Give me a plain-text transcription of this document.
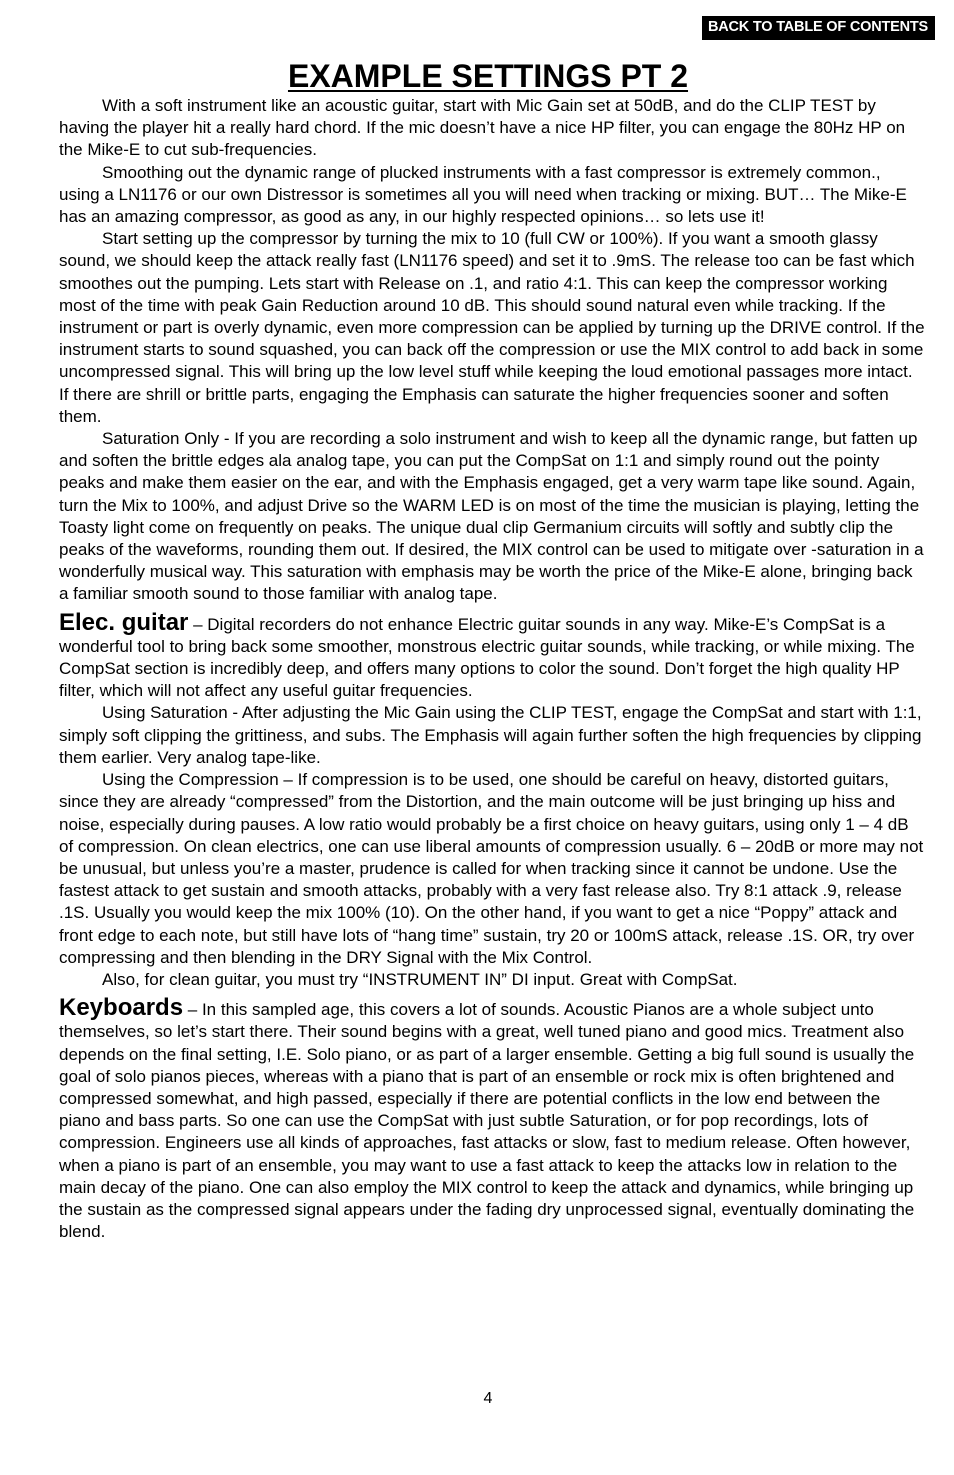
BACK TO TABLE OF CONTENTS
EXAMPLE SETTINGS PT 2

With a soft instrument like an acoustic guitar, start with Mic Gain set at 50dB, and do the CLIP TEST by having the player hit a really hard chord. If the mic doesn’t have a nice HP filter, you can engage the 80Hz HP on the Mike-E to cut sub-frequencies.

Smoothing out the dynamic range of plucked instruments with a fast compressor is extremely common., using a LN1176 or our own Distressor is sometimes all you will need when tracking or mixing. BUT… The Mike-E has an amazing compressor, as good as any, in our highly respected opinions… so lets use it!

Start setting up the compressor by turning the mix to 10 (full CW or 100%). If you want a smooth glassy sound, we should keep the attack really fast (LN1176 speed) and set it to .9mS. The release too can be fast which smoothes out the pumping. Lets start with Release on .1, and ratio 4:1. This can keep the compressor working most of the time with peak Gain Reduction around 10 dB. This should sound natural even while tracking. If the instrument or part is overly dynamic, even more compression can be applied by turning up the DRIVE control. If the instrument starts to sound squashed, you can back off the compression or use the MIX control to add back in some uncompressed signal. This will bring up the low level stuff while keeping the loud emotional passages more intact. If there are shrill or brittle parts, engaging the Emphasis can saturate the higher frequencies sooner and soften them.

Saturation Only - If you are recording a solo instrument and wish to keep all the dynamic range, but fatten up and soften the brittle edges ala analog tape, you can put the CompSat on 1:1 and simply round out the pointy peaks and make them easier on the ear, and with the Emphasis engaged, get a very warm tape like sound. Again, turn the Mix to 100%, and adjust Drive so the WARM LED is on most of the time the musician is playing, letting the Toasty light come on frequently on peaks. The unique dual clip Germanium circuits will softly and subtly clip the peaks of the waveforms, rounding them out. If desired, the MIX control can be used to mitigate over -saturation in a wonderfully musical way. This saturation with emphasis may be worth the price of the Mike-E alone, bringing back a familiar smooth sound to those familiar with analog tape.

Elec. guitar – Digital recorders do not enhance Electric guitar sounds in any way. Mike-E’s CompSat is a wonderful tool to bring back some smoother, monstrous electric guitar sounds, while tracking, or while mixing. The CompSat section is incredibly deep, and offers many options to color the sound. Don’t forget the high quality HP filter, which will not affect any useful guitar frequencies.

Using Saturation - After adjusting the Mic Gain using the CLIP TEST, engage the CompSat and start with 1:1, simply soft clipping the grittiness, and subs. The Emphasis will again further soften the high frequencies by clipping them earlier. Very analog tape-like.

Using the Compression – If compression is to be used, one should be careful on heavy, distorted guitars, since they are already “compressed” from the Distortion, and the main outcome will be just bringing up hiss and noise, especially during pauses. A low ratio would probably be a first choice on heavy guitars, using only 1 – 4 dB of compression. On clean electrics, one can use liberal amounts of compression usually. 6 – 20dB or more may not be unusual, but unless you’re a master, prudence is called for when tracking since it cannot be undone. Use the fastest attack to get sustain and smooth attacks, probably with a very fast release also. Try 8:1 attack .9, release .1S. Usually you would keep the mix 100% (10). On the other hand, if you want to get a nice “Poppy” attack and front edge to each note, but still have lots of “hang time” sustain, try 20 or 100mS attack, release .1S. OR, try over compressing and then blending in the DRY Signal with the Mix Control.

Also, for clean guitar, you must try “INSTRUMENT IN” DI input. Great with CompSat.

Keyboards – In this sampled age, this covers a lot of sounds. Acoustic Pianos are a whole subject unto themselves, so let’s start there. Their sound begins with a great, well tuned piano and good mics. Treatment also depends on the final setting, I.E. Solo piano, or as part of a larger ensemble. Getting a big full sound is usually the goal of solo pianos pieces, whereas with a piano that is part of an ensemble or rock mix is often brightened and compressed somewhat, and high passed, especially if there are potential conflicts in the low end between the piano and bass parts. So one can use the CompSat with just subtle Saturation, or for pop recordings, lots of compression. Engineers use all kinds of approaches, fast attacks or slow, fast to medium release. Often however, when a piano is part of an ensemble, you may want to use a fast attack to keep the attacks low in relation to the main decay of the piano. One can also employ the MIX control to keep the attack and dynamics, while bringing up the sustain as the compressed signal appears under the fading dry unprocessed signal, eventually dominating the blend.

4
